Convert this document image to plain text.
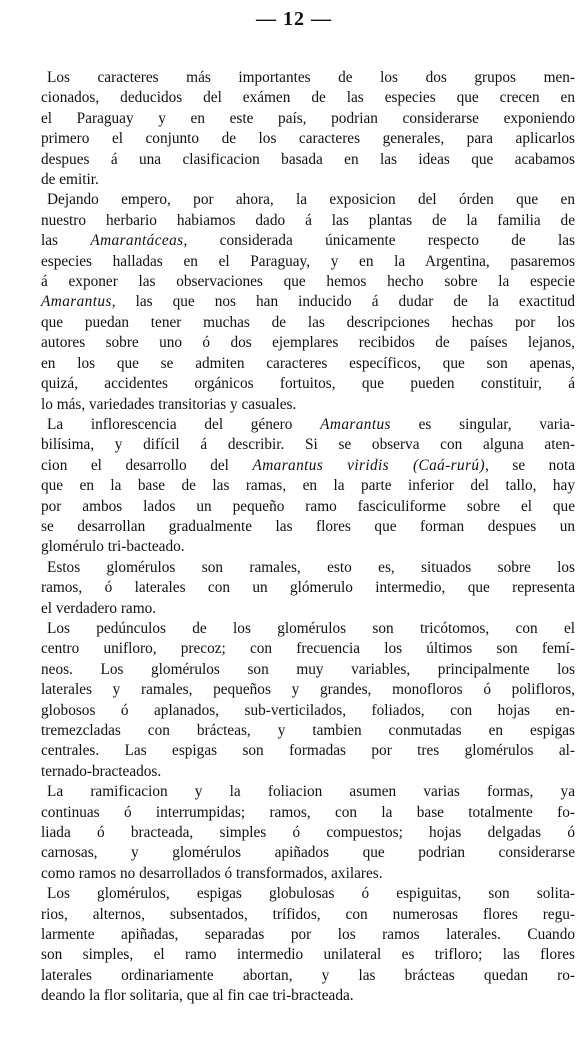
— 12 —
Los caracteres más importantes de los dos grupos men-
cionados, deducidos del exámen de las especies que crecen en
el Paraguay y en este país, podrian considerarse exponiendo
primero el conjunto de los caracteres generales, para aplicarlos
despues á una clasificacion basada en las ideas que acabamos
de emitir.
Dejando empero, por ahora, la exposicion del órden que en
nuestro herbario habiamos dado á las plantas de la familia de
las Amarantáceas, considerada únicamente respecto de las
especies halladas en el Paraguay, y en la Argentina, pasaremos
á exponer las observaciones que hemos hecho sobre la especie
Amarantus, las que nos han inducido á dudar de la exactitud
que puedan tener muchas de las descripciones hechas por los
autores sobre uno ó dos ejemplares recibidos de países lejanos,
en los que se admiten caracteres específicos, que son apenas,
quizá, accidentes orgánicos fortuitos, que pueden constituir, á
lo más, variedades transitorias y casuales.
La inflorescencia del género Amarantus es singular, varia-
bilísima, y difícil á describir. Si se observa con alguna aten-
cion el desarrollo del Amarantus viridis (Caá-rurú), se nota
que en la base de las ramas, en la parte inferior del tallo, hay
por ambos lados un pequeño ramo fasciculiforme sobre el que
se desarrollan gradualmente las flores que forman despues un
glomérulo tri-bacteado.
Estos glomérulos son ramales, esto es, situados sobre los
ramos, ó laterales con un glómerulo intermedio, que representa
el verdadero ramo.
Los pedúnculos de los glomérulos son tricótomos, con el
centro unifloro, precoz; con frecuencia los últimos son femí-
neos. Los glomérulos son muy variables, principalmente los
laterales y ramales, pequeños y grandes, monofloros ó polifloros,
globosos ó aplanados, sub-verticilados, foliados, con hojas en-
tremezcladas con brácteas, y tambien conmutadas en espigas
centrales. Las espigas son formadas por tres glomérulos al-
ternado-bracteados.
La ramificacion y la foliacion asumen varias formas, ya
continuas ó interrumpidas; ramos, con la base totalmente fo-
liada ó bracteada, simples ó compuestos; hojas delgadas ó
carnosas, y glomérulos apiñados que podrian considerarse
como ramos no desarrollados ó transformados, axilares.
Los glomérulos, espigas globulosas ó espiguitas, son solita-
rios, alternos, subsentados, trífidos, con numerosas flores regu-
larmente apiñadas, separadas por los ramos laterales. Cuando
son simples, el ramo intermedio unilateral es trifloro; las flores
laterales ordinariamente abortan, y las brácteas quedan ro-
deando la flor solitaria, que al fin cae tri-bracteada.
